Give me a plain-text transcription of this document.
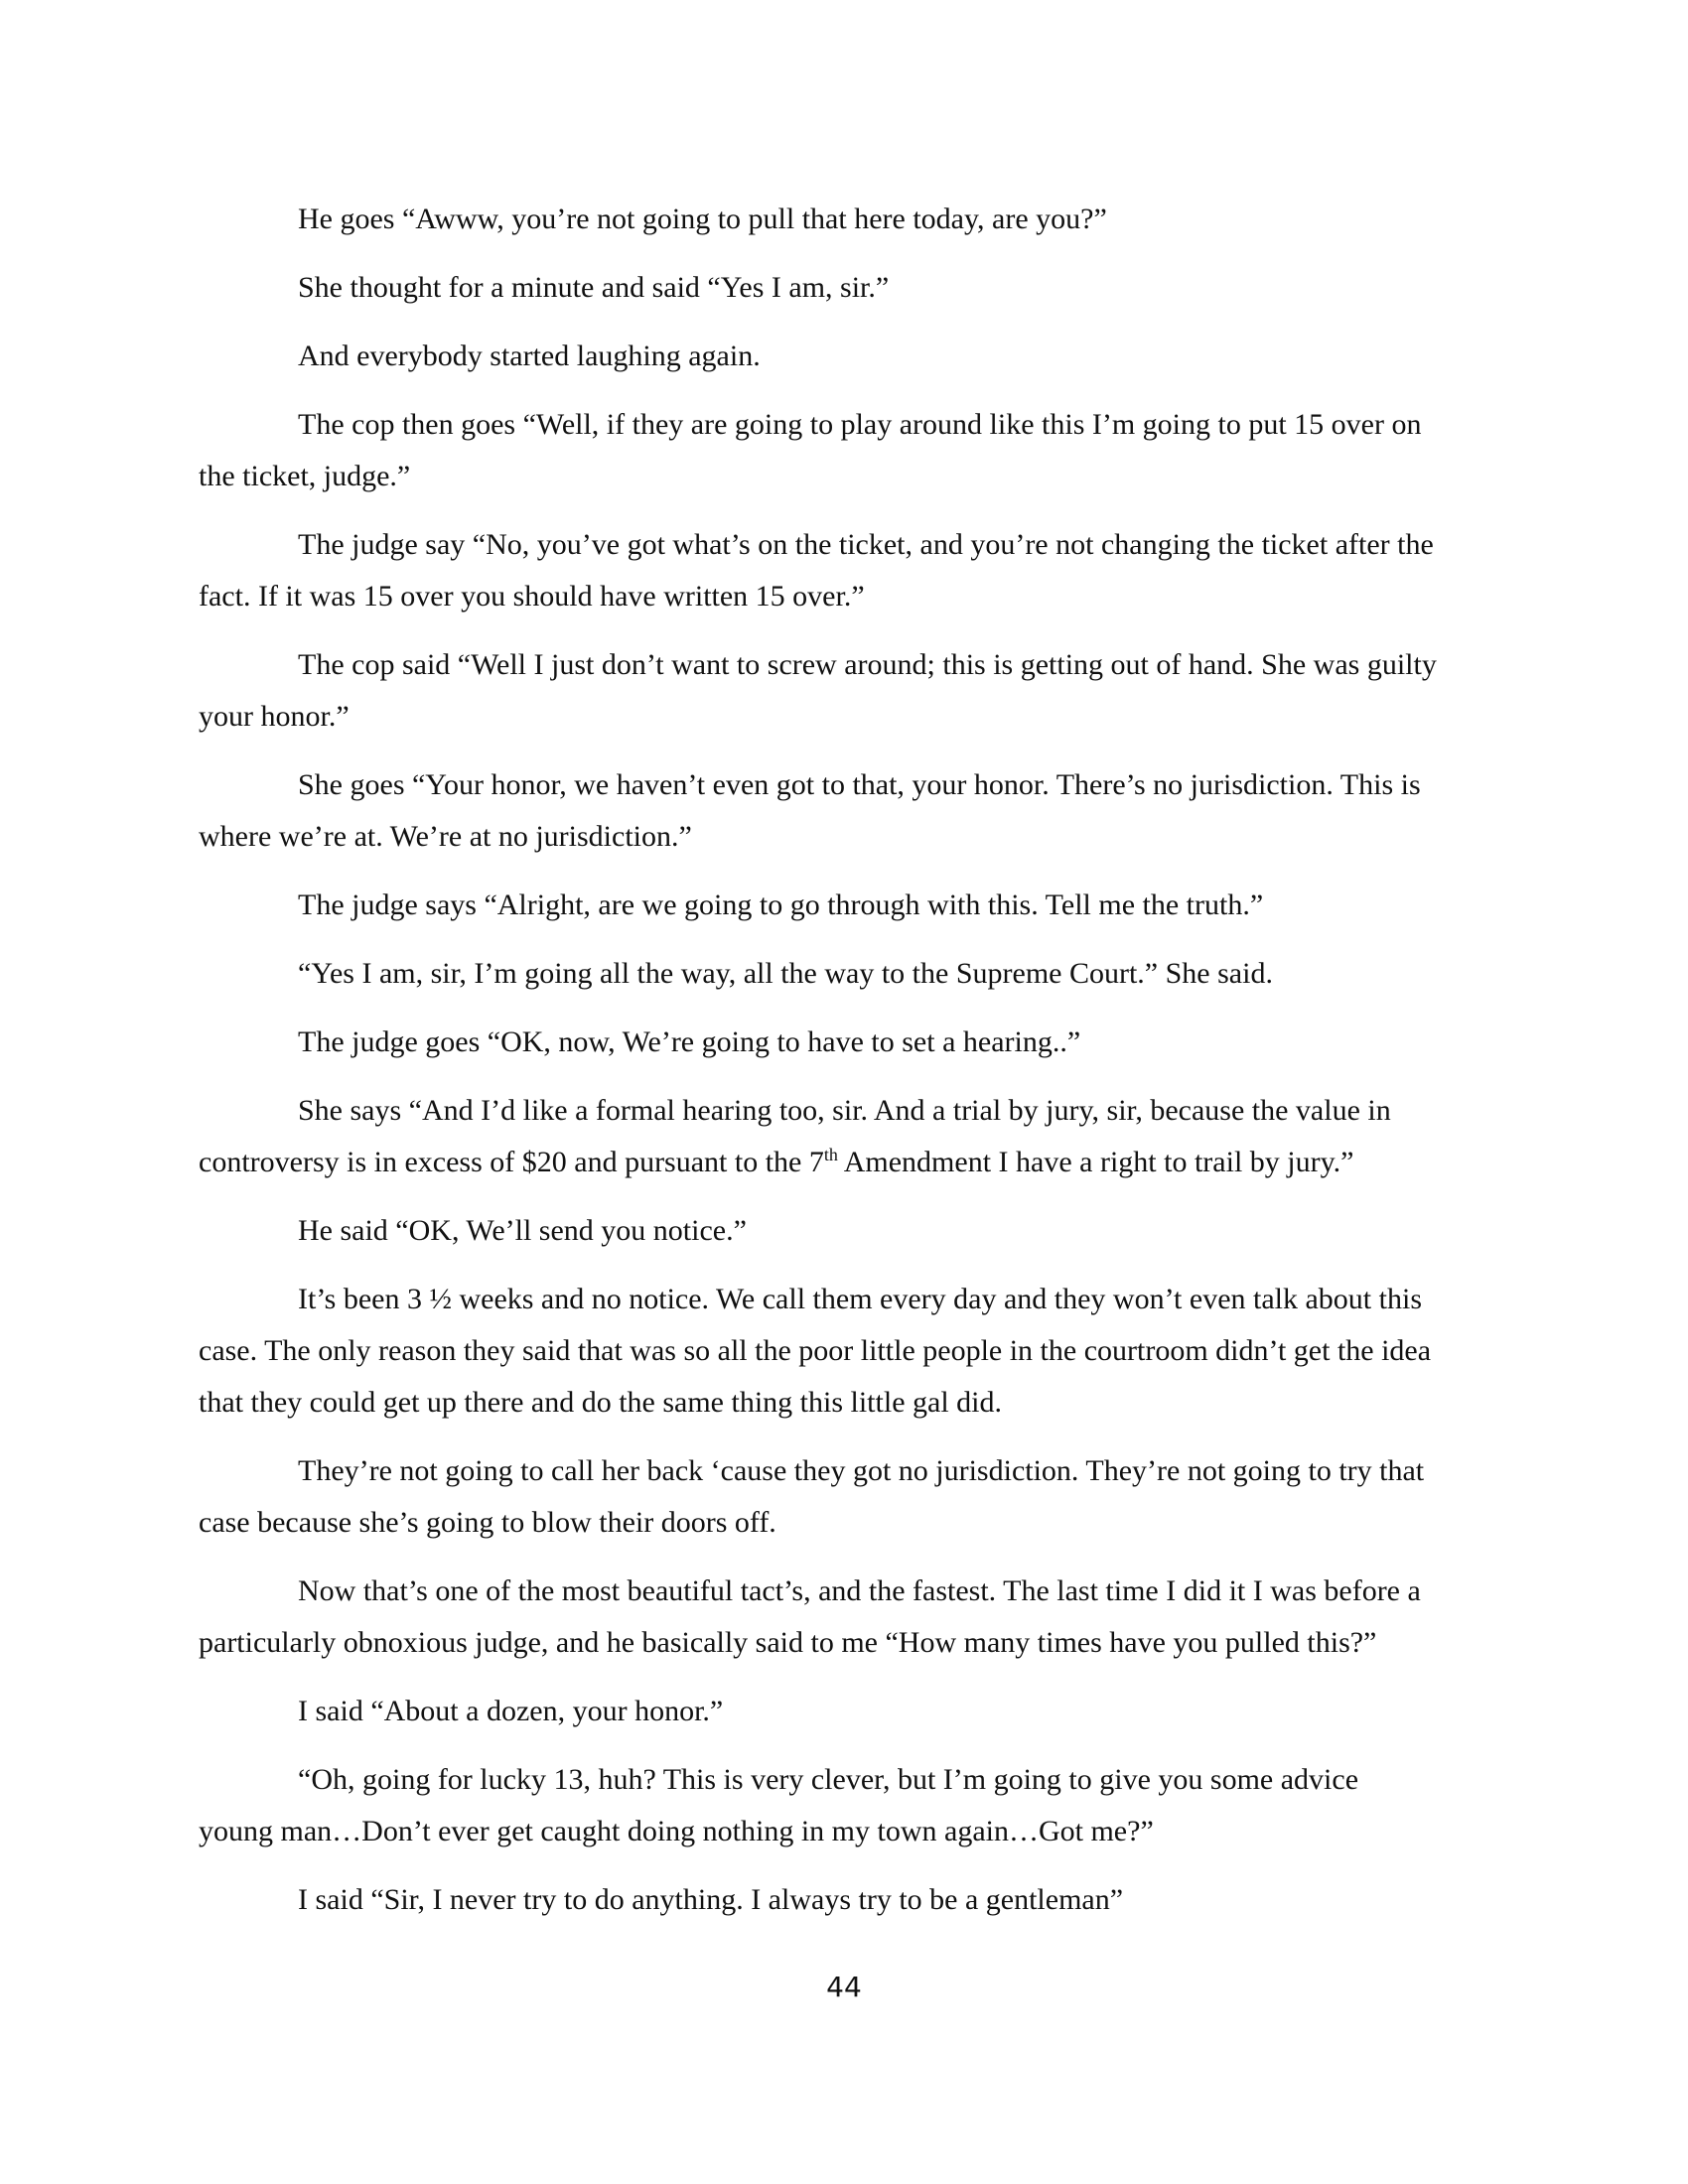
He goes “Awww, you’re not going to pull that here today, are you?”

She thought for a minute and said “Yes I am, sir.”

And everybody started laughing again.

The cop then goes “Well, if they are going to play around like this I’m going to put 15 over on the ticket, judge.”

The judge say “No, you’ve got what’s on the ticket, and you’re not changing the ticket after the fact. If it was 15 over you should have written 15 over.”

The cop said “Well I just don’t want to screw around; this is getting out of hand. She was guilty your honor.”

She goes “Your honor, we haven’t even got to that, your honor. There’s no jurisdiction. This is where we’re at. We’re at no jurisdiction.”

The judge says “Alright, are we going to go through with this. Tell me the truth.”

“Yes I am, sir, I’m going all the way, all the way to the Supreme Court.” She said.

The judge goes “OK, now, We’re going to have to set a hearing..”

She says “And I’d like a formal hearing too, sir. And a trial by jury, sir, because the value in controversy is in excess of $20 and pursuant to the 7th Amendment I have a right to trail by jury.”

He said “OK, We’ll send you notice.”

It’s been 3 ½ weeks and no notice. We call them every day and they won’t even talk about this case. The only reason they said that was so all the poor little people in the courtroom didn’t get the idea that they could get up there and do the same thing this little gal did.

They’re not going to call her back ‘cause they got no jurisdiction. They’re not going to try that case because she’s going to blow their doors off.

Now that’s one of the most beautiful tact’s, and the fastest. The last time I did it I was before a particularly obnoxious judge, and he basically said to me “How many times have you pulled this?”

I said “About a dozen, your honor.”

“Oh, going for lucky 13, huh? This is very clever, but I’m going to give you some advice young man…Don’t ever get caught doing nothing in my town again…Got me?”

I said “Sir, I never try to do anything. I always try to be a gentleman”

44
